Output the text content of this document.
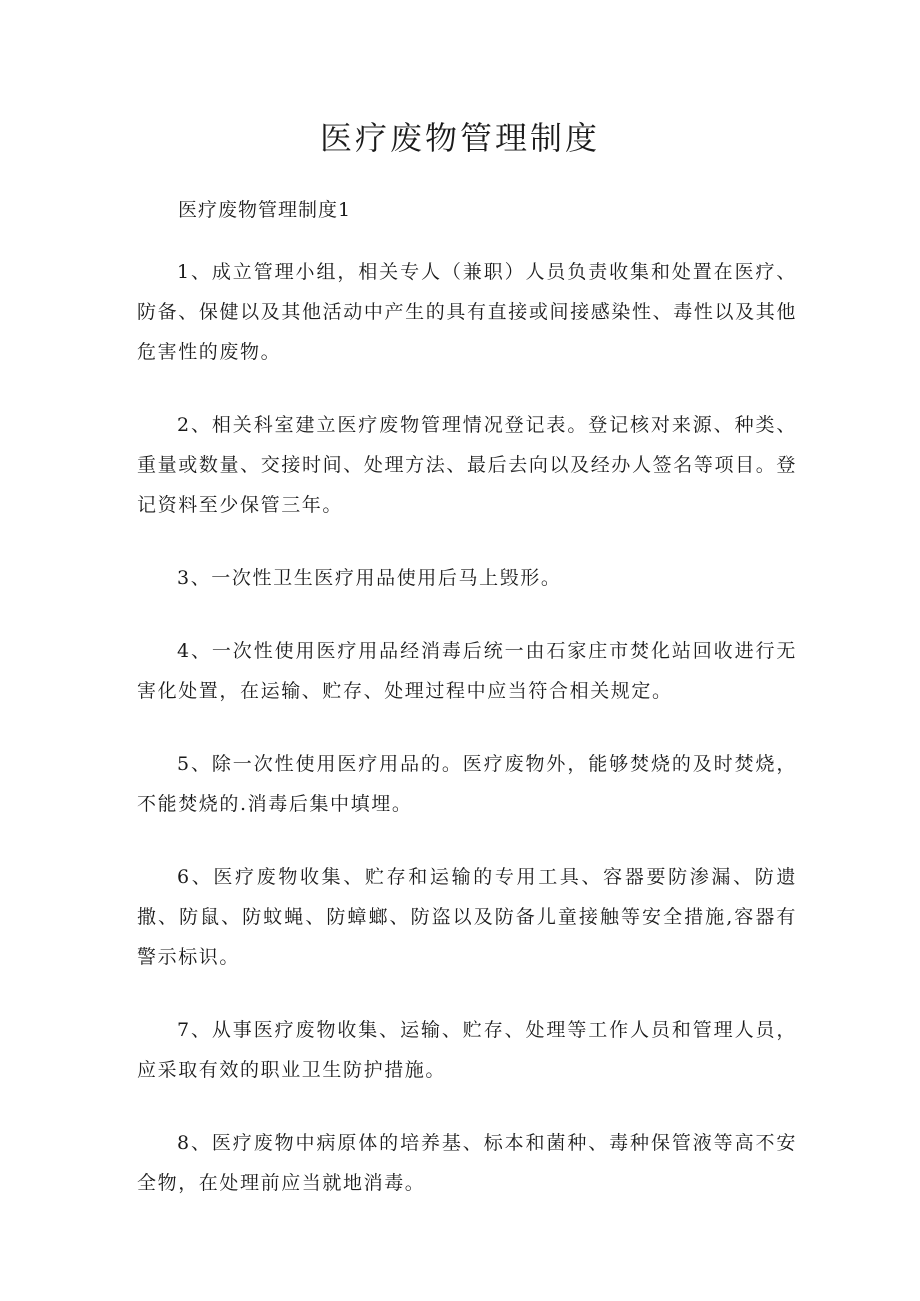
医疗废物管理制度

医疗废物管理制度1

1、成立管理小组，相关专人（兼职）人员负责收集和处置在医疗、防备、保健以及其他活动中产生的具有直接或间接感染性、毒性以及其他危害性的废物。

2、相关科室建立医疗废物管理情况登记表。登记核对来源、种类、重量或数量、交接时间、处理方法、最后去向以及经办人签名等项目。登记资料至少保管三年。

3、一次性卫生医疗用品使用后马上毁形。

4、一次性使用医疗用品经消毒后统一由石家庄市焚化站回收进行无害化处置，在运输、贮存、处理过程中应当符合相关规定。

5、除一次性使用医疗用品的。医疗废物外，能够焚烧的及时焚烧，不能焚烧的.消毒后集中填埋。

6、医疗废物收集、贮存和运输的专用工具、容器要防渗漏、防遗撒、防鼠、防蚊蝇、防蟑螂、防盗以及防备儿童接触等安全措施,容器有警示标识。

7、从事医疗废物收集、运输、贮存、处理等工作人员和管理人员，应采取有效的职业卫生防护措施。

8、医疗废物中病原体的培养基、标本和菌种、毒种保管液等高不安全物，在处理前应当就地消毒。
